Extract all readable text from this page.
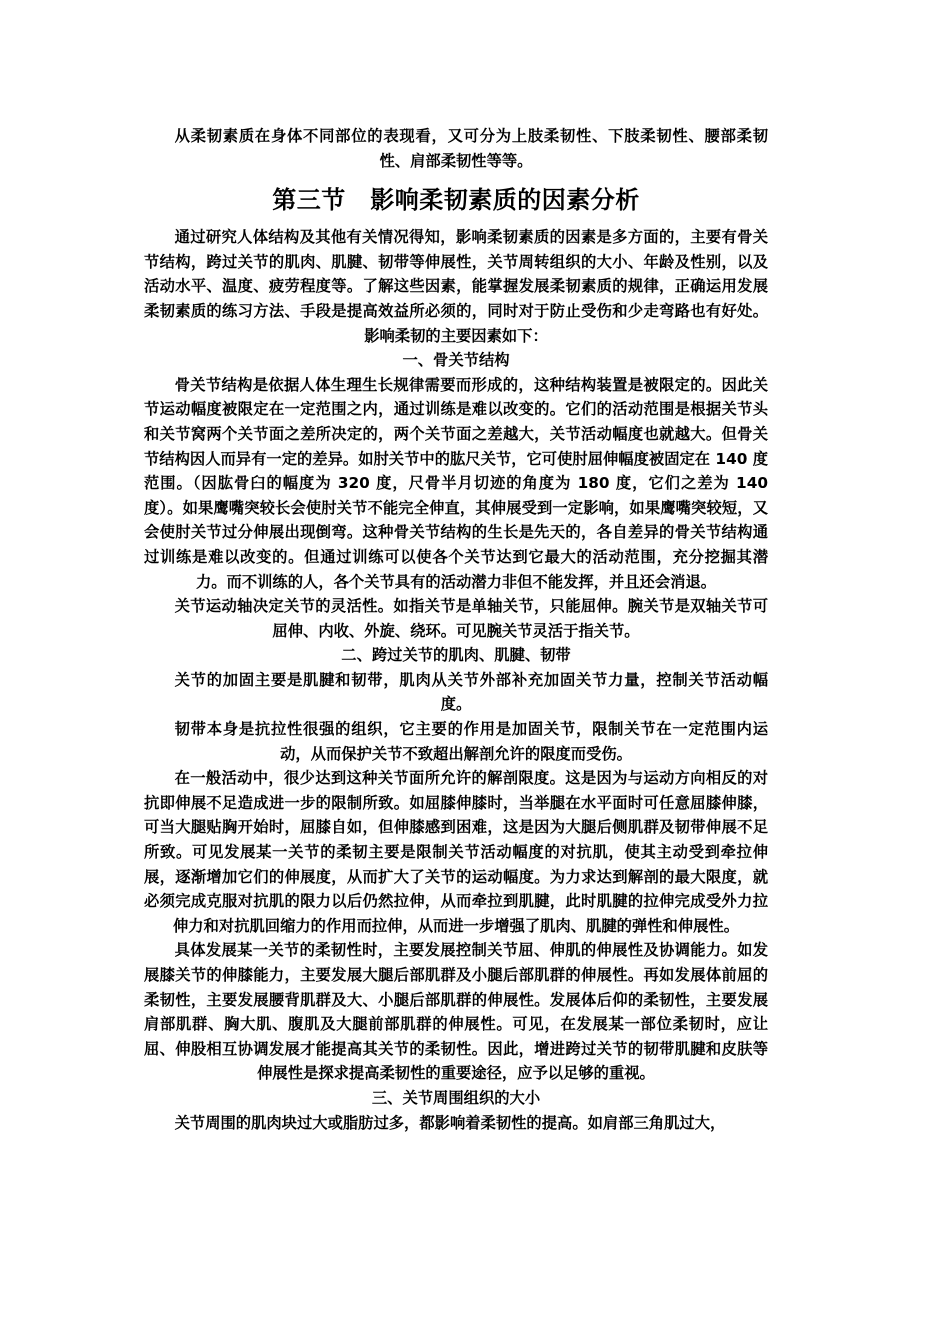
从柔韧素质在身体不同部位的表现看，又可分为上肢柔韧性、下肢柔韧性、腰部柔韧性、肩部柔韧性等等。

第三节　影响柔韧素质的因素分析

通过研究人体结构及其他有关情况得知，影响柔韧素质的因素是多方面的，主要有骨关节结构，跨过关节的肌肉、肌腱、韧带等伸展性，关节周转组织的大小、年龄及性别，以及活动水平、温度、疲劳程度等。了解这些因素，能掌握发展柔韧素质的规律，正确运用发展柔韧素质的练习方法、手段是提高效益所必须的，同时对于防止受伤和少走弯路也有好处。影响柔韧的主要因素如下：

一、骨关节结构

骨关节结构是依据人体生理生长规律需要而形成的，这种结构装置是被限定的。因此关节运动幅度被限定在一定范围之内，通过训练是难以改变的。它们的活动范围是根据关节头和关节窝两个关节面之差所决定的，两个关节面之差越大，关节活动幅度也就越大。但骨关节结构因人而异有一定的差异。如肘关节中的肱尺关节，它可使肘屈伸幅度被固定在 140 度范围。（因肱骨臼的幅度为 320 度，尺骨半月切迹的角度为 180 度，它们之差为 140 度）。如果鹰嘴突较长会使肘关节不能完全伸直，其伸展受到一定影响，如果鹰嘴突较短，又会使肘关节过分伸展出现倒弯。这种骨关节结构的生长是先天的，各自差异的骨关节结构通过训练是难以改变的。但通过训练可以使各个关节达到它最大的活动范围，充分挖掘其潜力。而不训练的人，各个关节具有的活动潜力非但不能发挥，并且还会消退。

关节运动轴决定关节的灵活性。如指关节是单轴关节，只能屈伸。腕关节是双轴关节可屈伸、内收、外旋、绕环。可见腕关节灵活于指关节。

二、跨过关节的肌肉、肌腱、韧带

关节的加固主要是肌腱和韧带，肌肉从关节外部补充加固关节力量，控制关节活动幅度。

韧带本身是抗拉性很强的组织，它主要的作用是加固关节，限制关节在一定范围内运动，从而保护关节不致超出解剖允许的限度而受伤。

在一般活动中，很少达到这种关节面所允许的解剖限度。这是因为与运动方向相反的对抗即伸展不足造成进一步的限制所致。如屈膝伸膝时，当举腿在水平面时可任意屈膝伸膝，可当大腿贴胸开始时，屈膝自如，但伸膝感到困难，这是因为大腿后侧肌群及韧带伸展不足所致。可见发展某一关节的柔韧主要是限制关节活动幅度的对抗肌，使其主动受到牵拉伸展，逐渐增加它们的伸展度，从而扩大了关节的运动幅度。为力求达到解剖的最大限度，就必须完成克服对抗肌的限力以后仍然拉伸，从而牵拉到肌腱，此时肌腱的拉伸完成受外力拉伸力和对抗肌回缩力的作用而拉伸，从而进一步增强了肌肉、肌腱的弹性和伸展性。

具体发展某一关节的柔韧性时，主要发展控制关节屈、伸肌的伸展性及协调能力。如发展膝关节的伸膝能力，主要发展大腿后部肌群及小腿后部肌群的伸展性。再如发展体前屈的柔韧性，主要发展腰背肌群及大、小腿后部肌群的伸展性。发展体后仰的柔韧性，主要发展肩部肌群、胸大肌、腹肌及大腿前部肌群的伸展性。可见，在发展某一部位柔韧时，应让屈、伸股相互协调发展才能提高其关节的柔韧性。因此，增进跨过关节的韧带肌腱和皮肤等伸展性是探求提高柔韧性的重要途径，应予以足够的重视。

三、关节周围组织的大小

关节周围的肌肉块过大或脂肪过多，都影响着柔韧性的提高。如肩部三角肌过大，
